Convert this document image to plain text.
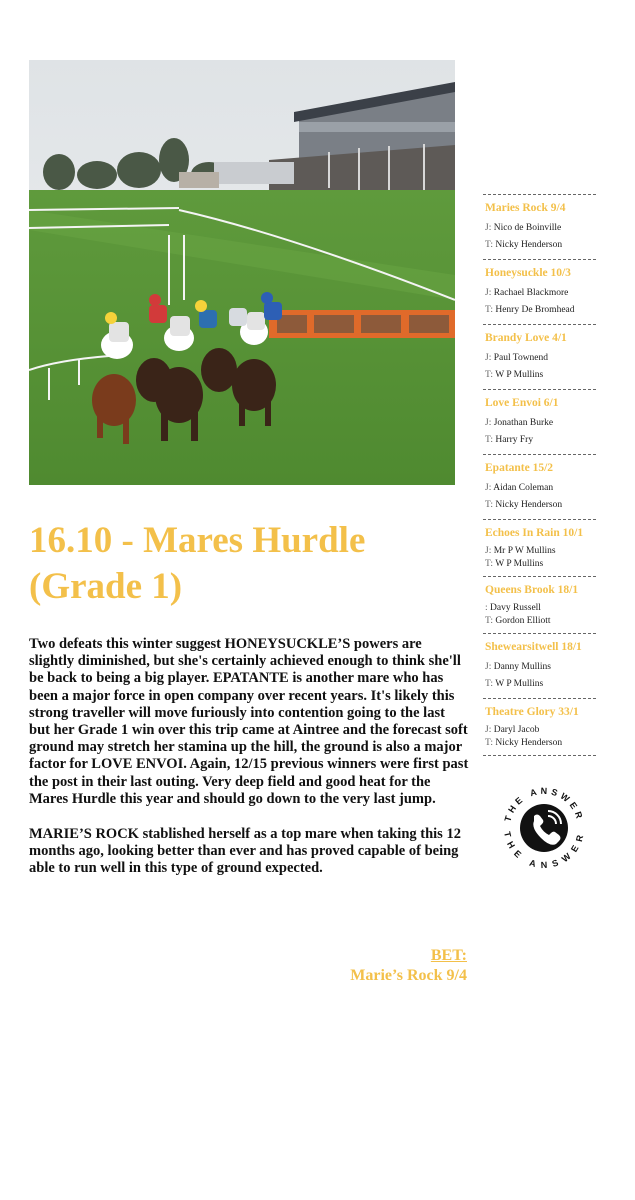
16.10 - Mares Hurdle (Grade 1)

Two defeats this winter suggest HONEYSUCKLE’S powers are slightly diminished, but she's certainly achieved enough to think she'll be back to being a big player. EPATANTE is another mare who has been a major force in open company over recent years. It's likely this strong traveller will move furiously into contention going to the last but her Grade 1 win over this trip came at Aintree and the forecast soft ground may stretch her stamina up the hill, the ground is also a major factor for LOVE ENVOI. Again, 12/15 previous winners were first past the post in their last outing. Very deep field and good heat for the Mares Hurdle this year and should go down to the very last jump.

MARIE’S ROCK stablished herself as a top mare when taking this 12 months ago, looking better than ever and has proved capable of being able to run well in this type of ground expected.

BET:
Marie’s Rock 9/4
Maries Rock 9/4
J: Nico de Boinville
T: Nicky Henderson
Honeysuckle 10/3
J: Rachael Blackmore
T: Henry De Bromhead
Brandy Love 4/1
J: Paul Townend
T: W P Mullins
Love Envoi 6/1
J: Jonathan Burke
T: Harry Fry
Epatante 15/2
J: Aidan Coleman
T: Nicky Henderson
Echoes In Rain 10/1
J: Mr P W Mullins
T: W P Mullins
Queens Brook 18/1
: Davy Russell
T: Gordon Elliott
Shewearsitwell 18/1
J: Danny Mullins
T: W P Mullins
Theatre Glory 33/1
J: Daryl Jacob
T: Nicky Henderson
THE ANSWER
THE ANSWER
